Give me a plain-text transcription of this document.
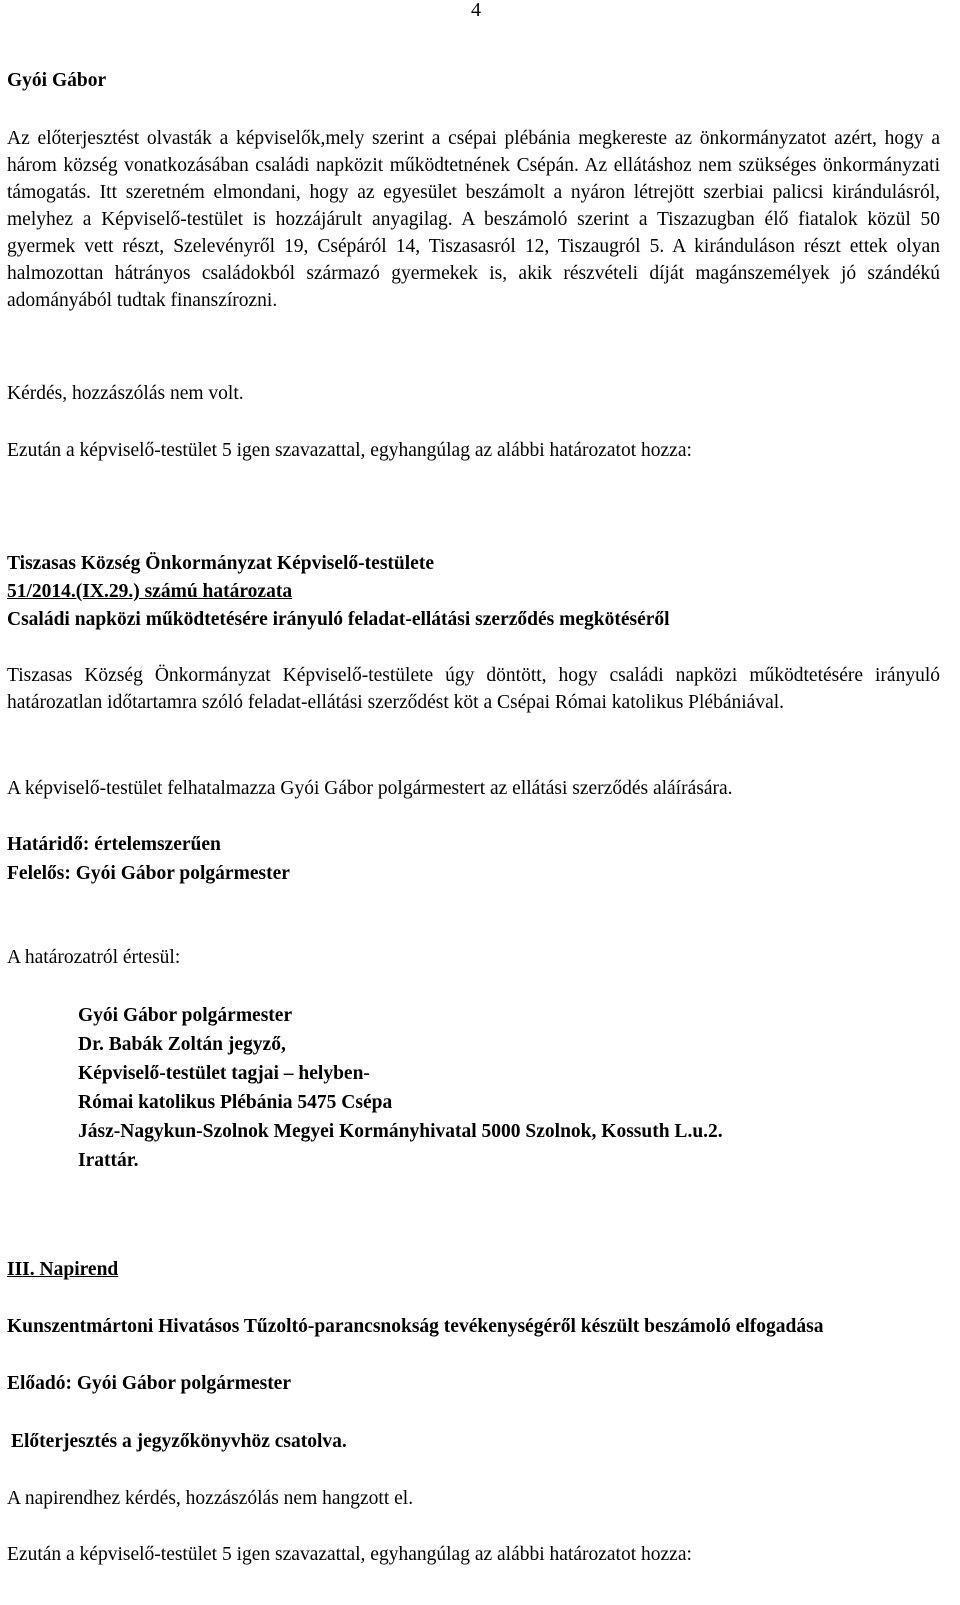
4
Gyói Gábor

Az előterjesztést olvasták a képviselők,mely szerint a csépai plébánia megkereste az önkormányzatot azért, hogy a három község vonatkozásában családi napközit működtetnének Csépán. Az ellátáshoz nem szükséges önkormányzati támogatás. Itt szeretném elmondani, hogy az egyesület beszámolt a nyáron létrejött szerbiai palicsi kirándulásról, melyhez a Képviselő-testület is hozzájárult anyagilag. A beszámoló szerint a Tiszazugban élő fiatalok közül 50 gyermek vett részt, Szelevényről 19, Csépáról 14, Tiszasasról 12, Tiszaugról 5. A kiránduláson részt ettek olyan halmozottan hátrányos családokból származó gyermekek is, akik részvételi díját magánszemélyek jó szándékú adományából tudtak finanszírozni.

Kérdés, hozzászólás nem volt.
Ezután a képviselő-testület 5 igen szavazattal, egyhangúlag az alábbi határozatot hozza:
Tiszasas Község Önkormányzat Képviselő-testülete
51/2014.(IX.29.) számú határozata
Családi napközi működtetésére irányuló feladat-ellátási szerződés megkötéséről

Tiszasas Község Önkormányzat Képviselő-testülete úgy döntött, hogy családi napközi működtetésére irányuló határozatlan időtartamra szóló feladat-ellátási szerződést köt a Csépai Római katolikus Plébániával.

A képviselő-testület felhatalmazza Gyói Gábor polgármestert az ellátási szerződés aláírására.
Határidő: értelemszerűen
Felelős: Gyói Gábor polgármester
A határozatról értesül:
Gyói Gábor polgármester
Dr. Babák Zoltán jegyző,
Képviselő-testület tagjai – helyben-
Római katolikus Plébánia 5475 Csépa
Jász-Nagykun-Szolnok Megyei Kormányhivatal 5000 Szolnok, Kossuth L.u.2.
Irattár.
III. Napirend

Kunszentmártoni Hivatásos Tűzoltó-parancsnokság tevékenységéről készült beszámoló elfogadása

Előadó: Gyói Gábor polgármester
Előterjesztés a jegyzőkönyvhöz csatolva.
A napirendhez kérdés, hozzászólás nem hangzott el.
Ezután a képviselő-testület 5 igen szavazattal, egyhangúlag az alábbi határozatot hozza:
